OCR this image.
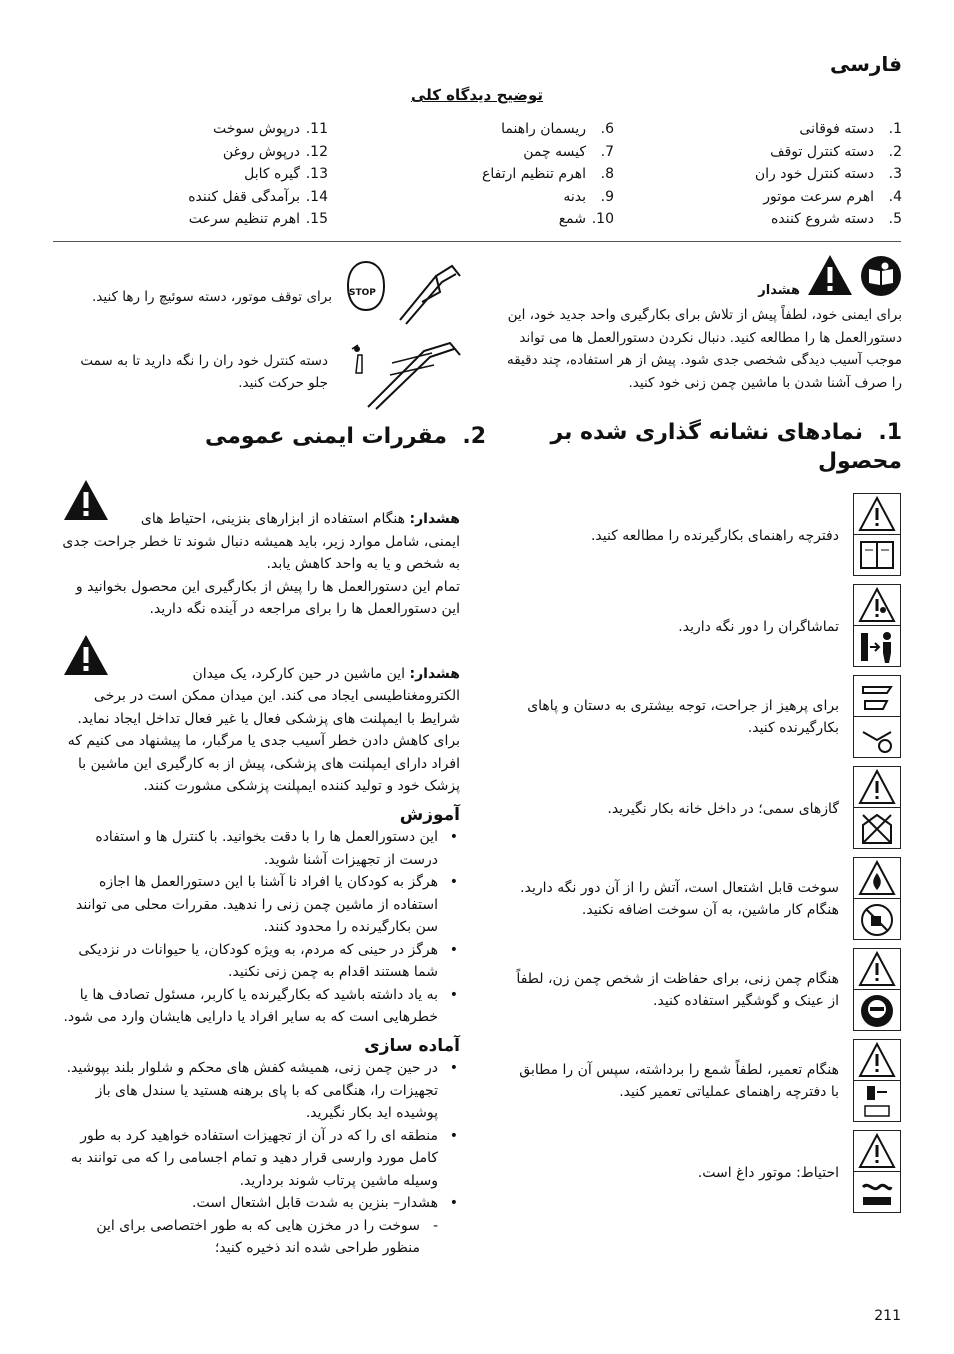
فارسی
توضیح دیدگاه کلی
1.
دسته فوقانی
2.
دسته کنترل توقف
3.
دسته کنترل خود ران
4.
اهرم سرعت موتور
5.
دسته شروع کننده
6.
ریسمان راهنما
7.
کیسه چمن
8.
اهرم تنظیم ارتفاع
9.
بدنه
10.
شمع
11.
درپوش سوخت
12.
درپوش روغن
13.
گیره کابل
14.
برآمدگی قفل کننده
15.
اهرم تنظیم سرعت
هشدار
برای ایمنی خود، لطفاً پیش از تلاش برای بکارگیری واحد جدید خود، این دستورالعمل ها را مطالعه کنید. دنبال نکردن دستورالعمل ها می تواند موجب آسیب دیدگی شخصی جدی شود. پیش از هر استفاده، چند دقیقه را صرف آشنا شدن با ماشین چمن زنی خود کنید.
STOP
برای توقف موتور، دسته سوئیچ را رها کنید.
دسته کنترل خود ران را نگه دارید تا به سمت جلو حرکت کنید.
1.  نمادهای نشانه گذاری شده بر محصول
2.  مقررات ایمنی عمومی
دفترچه راهنمای بکارگیرنده را مطالعه کنید.
تماشاگران را دور نگه دارید.
برای پرهیز از جراحت، توجه بیشتری به دستان و پاهای بکارگیرنده کنید.
گازهای سمی؛ در داخل خانه بکار نگیرید.
سوخت قابل اشتعال است، آتش را از آن دور نگه دارید. هنگام کار ماشین، به آن سوخت اضافه نکنید.
هنگام چمن زنی، برای حفاظت از شخص چمن زن، لطفاً از عینک و گوشگیر استفاده کنید.
هنگام تعمیر، لطفاً شمع را برداشته، سپس آن را مطابق با دفترچه راهنمای عملیاتی تعمیر کنید.
احتیاط: موتور داغ است.
هشدار: هنگام استفاده از ابزارهای بنزینی، احتیاط های ایمنی، شامل موارد زیر، باید همیشه دنبال شوند تا خطر جراحت جدی به شخص و یا به واحد کاهش یابد.
تمام این دستورالعمل ها را پیش از بکارگیری این محصول بخوانید و این دستورالعمل ها را برای مراجعه در آینده نگه دارید.
هشدار: این ماشین در حین کارکرد، یک میدان الکترومغناطیسی ایجاد می کند. این میدان ممکن است در برخی شرایط با ایمپلنت های پزشکی فعال یا غیر فعال تداخل ایجاد نماید. برای کاهش دادن خطر آسیب جدی یا مرگبار، ما پیشنهاد می کنیم که افراد دارای ایمپلنت های پزشکی، پیش از به کارگیری این ماشین با پزشک خود و تولید کننده ایمپلنت پزشکی مشورت کنند.
آموزش
• این دستورالعمل ها را با دقت بخوانید. با کنترل ها و استفاده درست از تجهیزات آشنا شوید.
• هرگز به کودکان یا افراد نا آشنا با این دستورالعمل ها اجازه استفاده از ماشین چمن زنی را ندهید. مقررات محلی می توانند سن بکارگیرنده را محدود کنند.
• هرگز در حینی که مردم، به ویژه کودکان، یا حیوانات در نزدیکی شما هستند اقدام به چمن زنی نکنید.
• به یاد داشته باشید که بکارگیرنده یا کاربر، مسئول تصادف ها یا خطرهایی است که به سایر افراد یا دارایی هایشان وارد می شود.
آماده سازی
• در حین چمن زنی، همیشه کفش های محکم و شلوار بلند بپوشید. تجهیزات را، هنگامی که با پای برهنه هستید یا سندل های باز پوشیده اید بکار نگیرید.
• منطقه ای را که در آن از تجهیزات استفاده خواهید کرد به طور کامل مورد وارسی قرار دهید و تمام اجسامی را که می توانند به وسیله ماشین پرتاب شوند بردارید.
• هشدار– بنزین به شدت قابل اشتعال است.
- سوخت را در مخزن هایی که به طور اختصاصی برای این منظور طراحی شده اند ذخیره کنید؛
211
